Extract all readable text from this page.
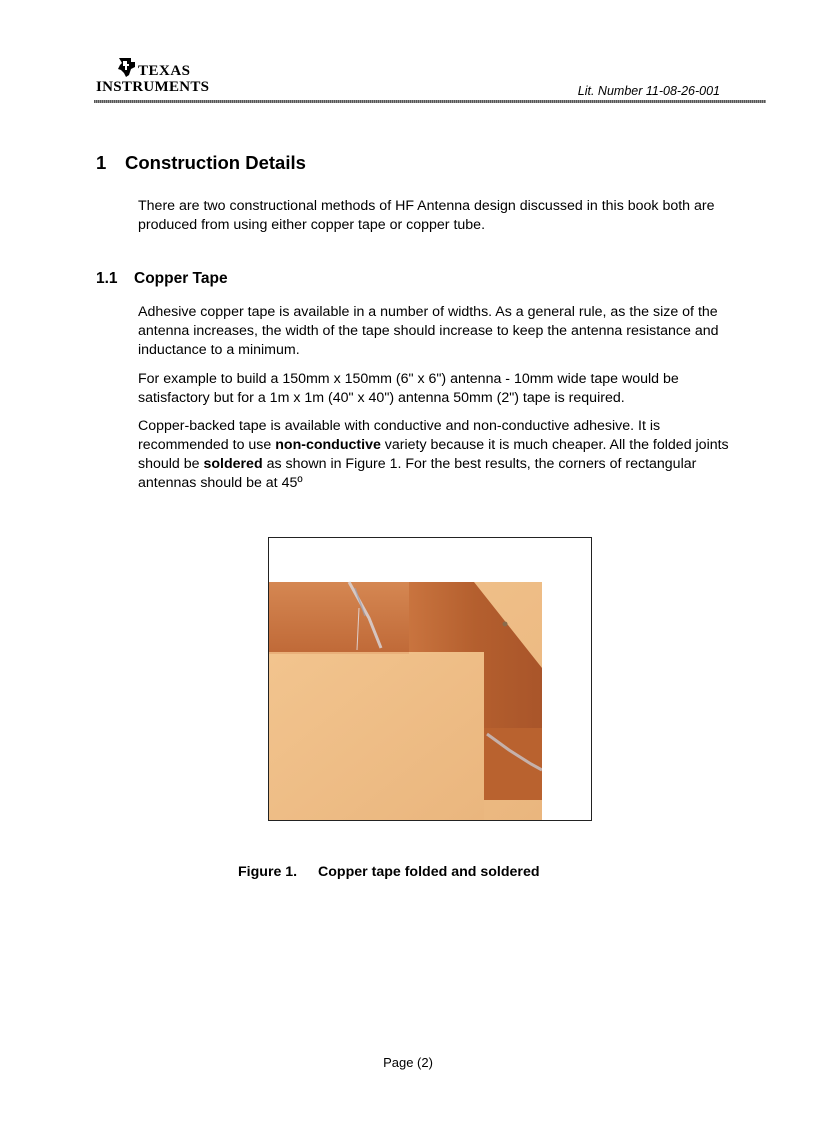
TEXAS
INSTRUMENTS	Lit. Number 11-08-26-001
1 Construction Details

There are two constructional methods of HF Antenna design discussed in this book both are produced from using either copper tape or copper tube.

1.1 Copper Tape

Adhesive copper tape is available in a number of widths. As a general rule, as the size of the antenna increases, the width of the tape should increase to keep the antenna resistance and inductance to a minimum.

For example to build a 150mm x 150mm (6" x 6") antenna - 10mm wide tape would be satisfactory but for a 1m x 1m (40" x 40") antenna 50mm (2") tape is required.

Copper-backed tape is available with conductive and non-conductive adhesive. It is recommended to use non-conductive variety because it is much cheaper. All the folded joints should be soldered as shown in Figure 1. For the best results, the corners of rectangular antennas should be at 45º

Figure 1. Copper tape folded and soldered
Page (2)
